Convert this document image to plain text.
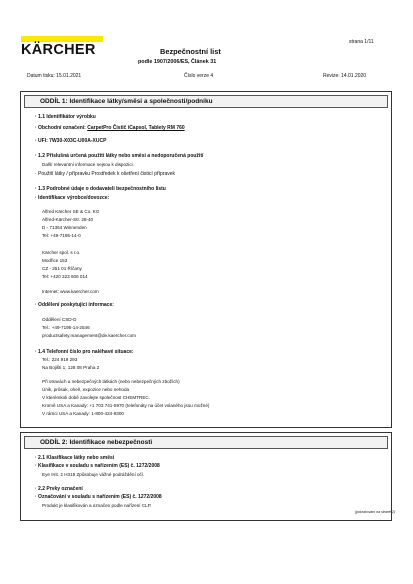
KÄRCHER	strana 1/11
Bezpečnostní list
podle 1907/2006/ES, Článek 31
Datum tisku: 15.01.2021	Číslo verze 4	Revize: 14.01.2020
ODDÍL 1: Identifikace látky/směsi a společnosti/podniku
· 1.1 Identifikátor výrobku
· Obchodní označení: CarpetPro Čistič iCapsol, Tablety RM 760
· UFI: 7W30-X03C-U00A-XUCP
· 1.2 Příslušná určená použití látky nebo směsi a nedoporučená použití
Další relevantní informace nejsou k dispozici.
· Použití látky / přípravku Prostředek k ošetření čisticí přípravek
· 1.3 Podrobné údaje o dodavateli bezpečnostního listu
· Identifikace výrobce/dovozce:
Alfred Kärcher SE & Co. KG
Alfred-Kärcher-Str. 28-40
D - 71364 Winnenden
Tel: +49-7195-14-0
Kärcher spol. s r.o.
Modřice 153
CZ - 251 01 Říčany
Tel: +420 323 606 014
Internet: www.kaercher.com
· Oddělení poskytující informace:
Oddělení CSD-D
Tel.: +49-7195-14-2546
productsafety.management@de.kaercher.com
· 1.4 Telefonní číslo pro naléhavé situace:
Tel.: 224 919 293
Na Bojišti 1, 128 08 Praha 2
Při otravách a nebezpečných látkách (nebo nebezpečných zbožích)
Únik, průsak, oheň, expozice nebo nehoda
V kterémkoli době zavolejte společnost CHEMTREC.
Kromě USA a Kanady: +1 703 741-5970 (telefonáty na účet volaného jsou možné)
V rámci USA a Kanady: 1-800-424-9300
ODDÍL 2: Identifikace nebezpečnosti
· 2.1 Klasifikace látky nebo směsi
· Klasifikace v souladu s nařízením (ES) č. 1272/2008
Eye Irrit. 2 H319 Způsobuje vážné podráždění očí.
· 2.2 Prvky označení
· Označování v souladu s nařízením (ES) č. 1272/2008
Produkt je klasifikován a označen podle nařízení CLP.
(pokračování na straně 2)
